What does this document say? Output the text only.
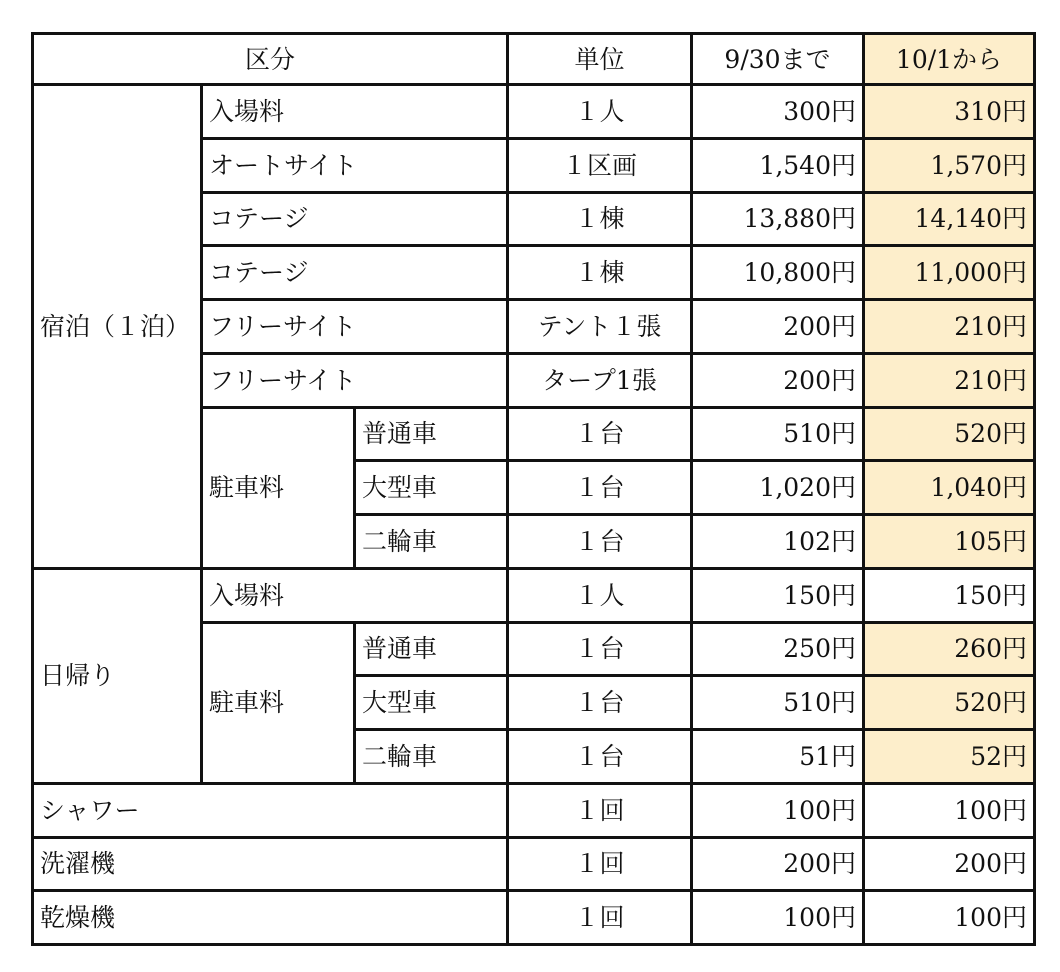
区分			単位	9/30まで	10/1から
宿泊（１泊）	入場料		１人	300円	310円
	オートサイト		１区画	1,540円	1,570円
	コテージ		１棟	13,880円	14,140円
	コテージ		１棟	10,800円	11,000円
	フリーサイト		テント１張	200円	210円
	フリーサイト		タープ1張	200円	210円
	駐車料	普通車	１台	510円	520円
		大型車	１台	1,020円	1,040円
		二輪車	１台	102円	105円
日帰り	入場料		１人	150円	150円
	駐車料	普通車	１台	250円	260円
		大型車	１台	510円	520円
		二輪車	１台	51円	52円
シャワー			１回	100円	100円
洗濯機			１回	200円	200円
乾燥機			１回	100円	100円
